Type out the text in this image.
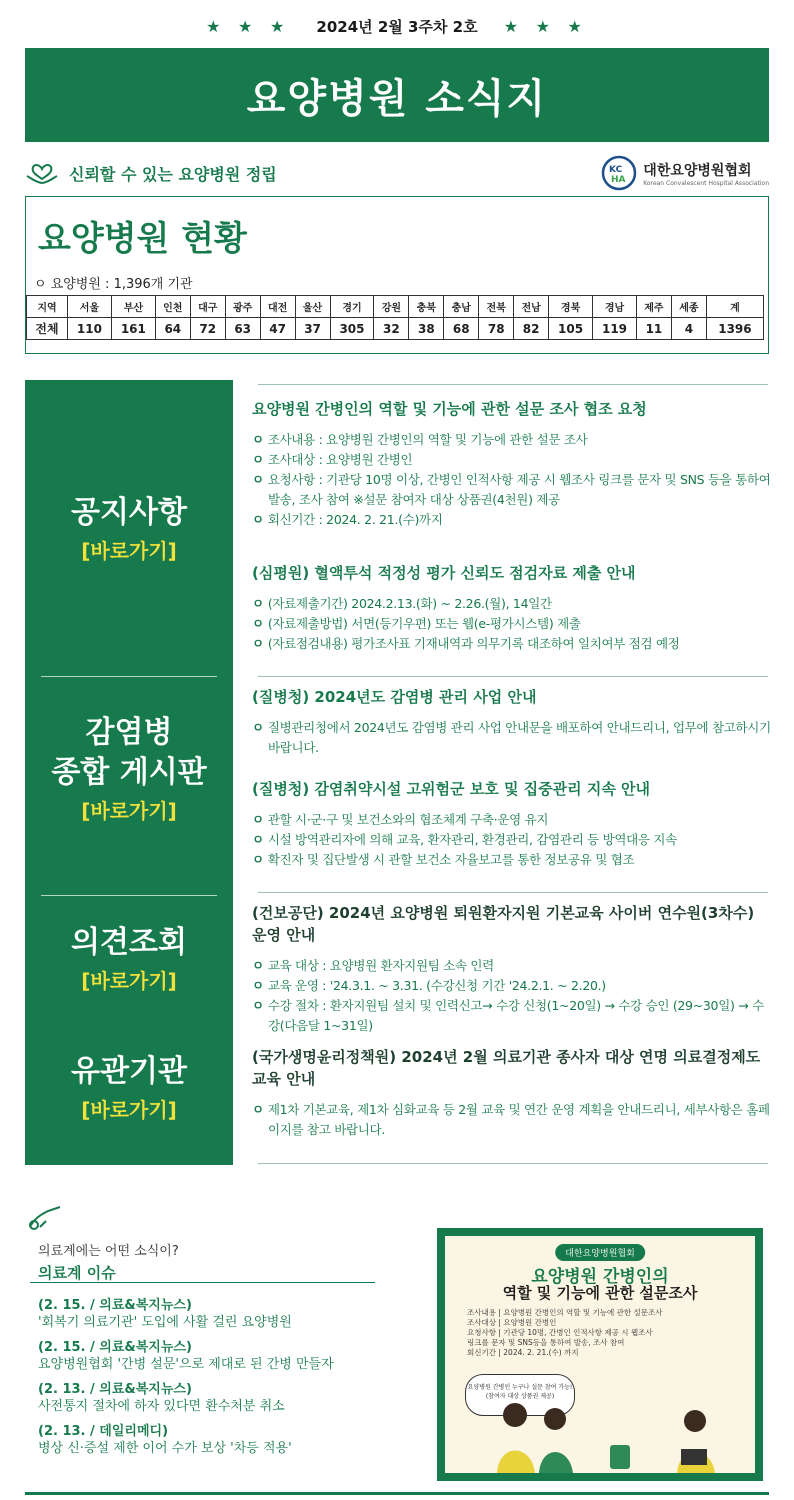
★ ★ ★ 2024년 2월 3주차 2호 ★ ★ ★
요양병원 소식지
신뢰할 수 있는 요양병원 정립	KC
HA
대한요양병원협회
Korean Convalescent Hospital Association
요양병원 현황
ㅇ 요양병원 : 1,396개 기관
지역	서울	부산	인천	대구	광주	대전	울산	경기	강원	충북	충남	전북	전남	경북	경남	제주	세종	계
전체	110	161	64	72	63	47	37	305	32	38	68	78	82	105	119	11	4	1396
공지사항
[바로가기]
감염병
종합 게시판
[바로가기]
의견조회
[바로가기]
유관기관
[바로가기]
요양병원 간병인의 역할 및 기능에 관한 설문 조사 협조 요청
ㅇ 조사내용 : 요양병원 간병인의 역할 및 기능에 관한 설문 조사
ㅇ 조사대상 : 요양병원 간병인
ㅇ 요청사항 : 기관당 10명 이상, 간병인 인적사항 제공 시 웹조사 링크를 문자 및 SNS 등을 통하여 발송, 조사 참여 ※설문 참여자 대상 상품권(4천원) 제공
ㅇ 회신기간 : 2024. 2. 21.(수)까지
(심평원) 혈액투석 적정성 평가 신뢰도 점검자료 제출 안내
ㅇ (자료제출기간) 2024.2.13.(화) ~ 2.26.(월), 14일간
ㅇ (자료제출방법) 서면(등기우편) 또는 웹(e-평가시스템) 제출
ㅇ (자료점검내용) 평가조사표 기재내역과 의무기록 대조하여 일치여부 점검 예정
(질병청) 2024년도 감염병 관리 사업 안내
ㅇ 질병관리청에서 2024년도 감염병 관리 사업 안내문을 배포하여 안내드리니, 업무에 참고하시기 바랍니다.
(질병청) 감염취약시설 고위험군 보호 및 집중관리 지속 안내
ㅇ 관할 시·군·구 및 보건소와의 협조체계 구축·운영 유지
ㅇ 시설 방역관리자에 의해 교육, 환자관리, 환경관리, 감염관리 등 방역대응 지속
ㅇ 확진자 및 집단발생 시 관할 보건소 자율보고를 통한 정보공유 및 협조
(건보공단) 2024년 요양병원 퇴원환자지원 기본교육 사이버 연수원(3차수) 운영 안내
ㅇ 교육 대상 : 요양병원 환자지원팀 소속 인력
ㅇ 교육 운영 : '24.3.1. ~ 3.31. (수강신청 기간 '24.2.1. ~ 2.20.)
ㅇ 수강 절차 : 환자지원팀 설치 및 인력신고→ 수강 신청(1~20일) → 수강 승인 (29~30일) → 수강(다음달 1~31일)
(국가생명윤리정책원) 2024년 2월 의료기관 종사자 대상 연명 의료결정제도 교육 안내
ㅇ 제1차 기본교육, 제1차 심화교육 등 2월 교육 및 연간 운영 계획을 안내드리니, 세부사항은 홈페이지를 참고 바랍니다.
의료계에는 어떤 소식이?
의료계 이슈
(2. 15. / 의료&복지뉴스)
'회복기 의료기관' 도입에 사활 걸린 요양병원
(2. 15. / 의료&복지뉴스)
요양병원협회 '간병 설문'으로 제대로 된 간병 만들자
(2. 13. / 의료&복지뉴스)
사전통지 절차에 하자 있다면 환수처분 취소
(2. 13. / 데일리메디)
병상 신·증설 제한 이어 수가 보상 '차등 적용'
대한요양병원협회
요양병원 간병인의
역할 및 기능에 관한 설문조사
조사내용 | 요양병원 간병인의 역할 및 기능에 관한 설문조사
조사대상 | 요양병원 간병인
요청사항 | 기관당 10명, 간병인 인적사항 제공 시 웹조사
링크를 문자 및 SNS등을 통하여 발송, 조사 참여
회신기간 | 2024. 2. 21.(수) 까지
요양병원 간병인 누구나 설문 참여 가능! (참여자 대상 상품권 제공)
